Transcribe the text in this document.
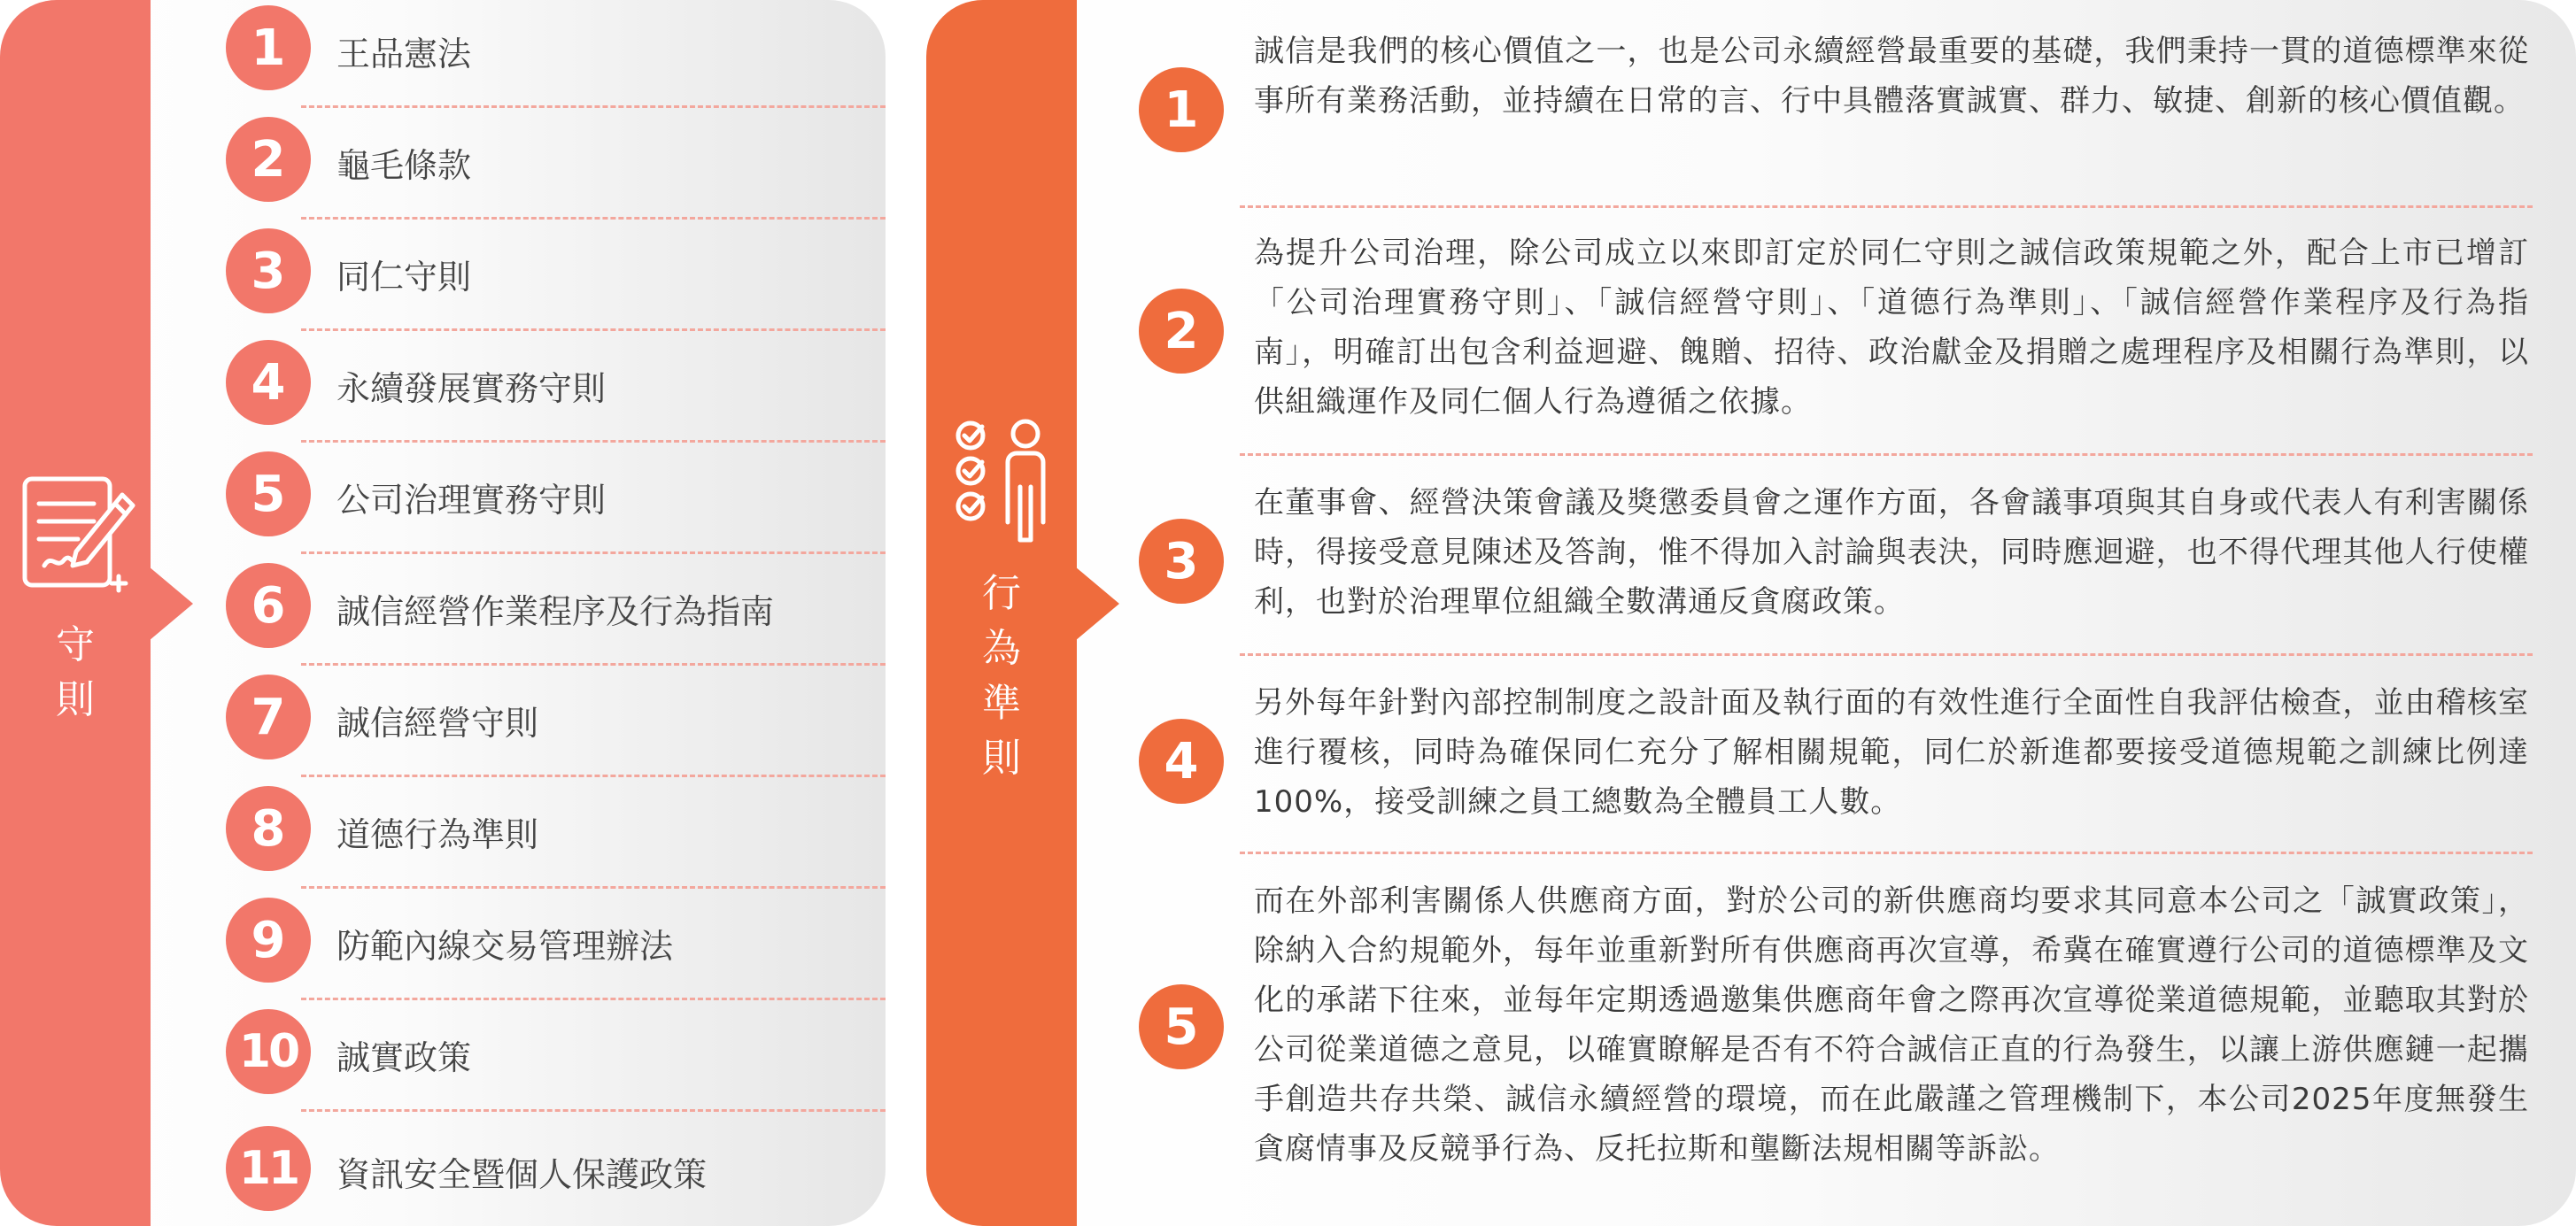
守
則
1	王品憲法
2	龜毛條款
3	同仁守則
4	永續發展實務守則
5	公司治理實務守則
6	誠信經營作業程序及行為指南
7	誠信經營守則
8	道德行為準則
9	防範內線交易管理辦法
10	誠實政策
11	資訊安全暨個人保護政策
行
為
準
則
1
誠信是我們的核心價值之一，也是公司永續經營最重要的基礎，我們秉持一貫的道德標準來從事所有業務活動，並持續在日常的言、行中具體落實誠實、群力、敏捷、創新的核心價值觀。
2
為提升公司治理，除公司成立以來即訂定於同仁守則之誠信政策規範之外，配合上市已增訂「公司治理實務守則」、「誠信經營守則」、「道德行為準則」、「誠信經營作業程序及行為指南」，明確訂出包含利益迴避、餽贈、招待、政治獻金及捐贈之處理程序及相關行為準則，以供組織運作及同仁個人行為遵循之依據。
3
在董事會、經營決策會議及獎懲委員會之運作方面，各會議事項與其自身或代表人有利害關係時，得接受意見陳述及答詢，惟不得加入討論與表決，同時應迴避，也不得代理其他人行使權利，也對於治理單位組織全數溝通反貪腐政策。
4
另外每年針對內部控制制度之設計面及執行面的有效性進行全面性自我評估檢查，並由稽核室進行覆核，同時為確保同仁充分了解相關規範，同仁於新進都要接受道德規範之訓練比例達100%，接受訓練之員工總數為全體員工人數。
5
而在外部利害關係人供應商方面，對於公司的新供應商均要求其同意本公司之「誠實政策」，除納入合約規範外，每年並重新對所有供應商再次宣導，希冀在確實遵行公司的道德標準及文化的承諾下往來，並每年定期透過邀集供應商年會之際再次宣導從業道德規範，並聽取其對於公司從業道德之意見，以確實瞭解是否有不符合誠信正直的行為發生，以讓上游供應鏈一起攜手創造共存共榮、誠信永續經營的環境，而在此嚴謹之管理機制下，本公司2025年度無發生貪腐情事及反競爭行為、反托拉斯和壟斷法規相關等訴訟。
